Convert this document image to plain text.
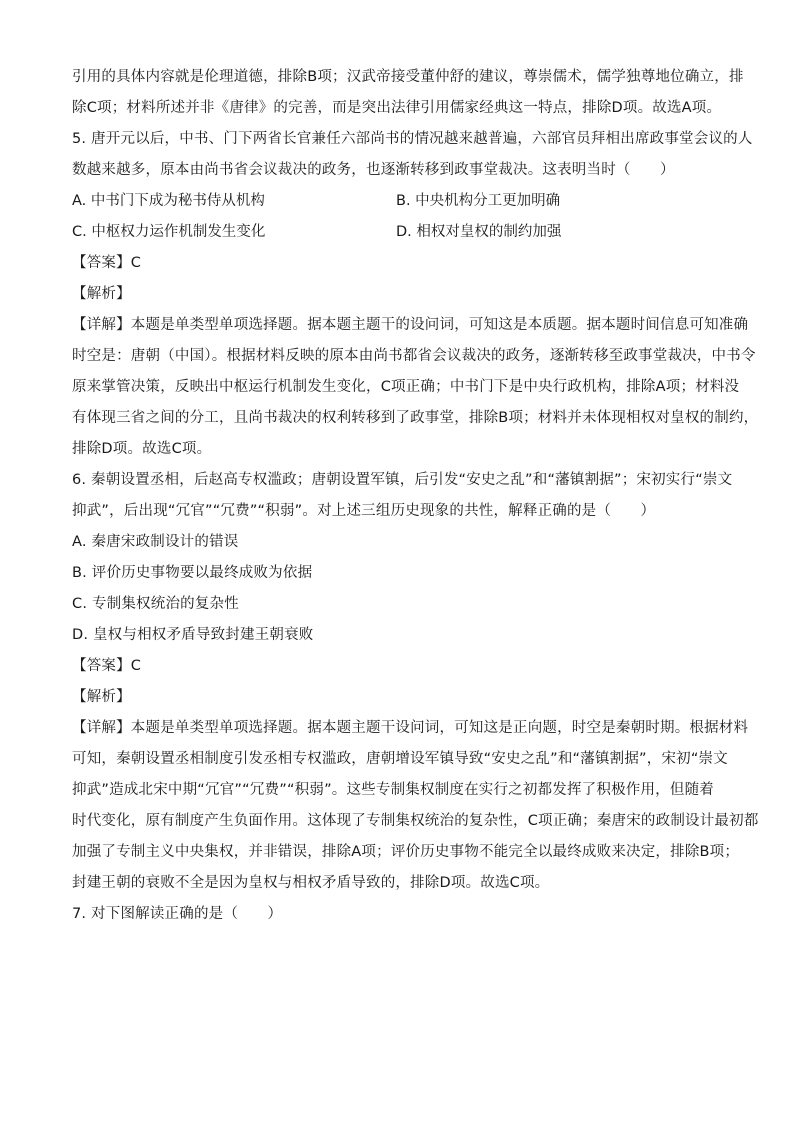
引用的具体内容就是伦理道德，排除B项；汉武帝接受董仲舒的建议，尊崇儒术，儒学独尊地位确立，排
除C项；材料所述并非《唐律》的完善，而是突出法律引用儒家经典这一特点，排除D项。故选A项。
5. 唐开元以后，中书、门下两省长官兼任六部尚书的情况越来越普遍，六部官员拜相出席政事堂会议的人
数越来越多，原本由尚书省会议裁决的政务，也逐渐转移到政事堂裁决。这表明当时（　　）
A. 中书门下成为秘书侍从机构	B. 中央机构分工更加明确
C. 中枢权力运作机制发生变化	D. 相权对皇权的制约加强
【答案】C
【解析】
【详解】本题是单类型单项选择题。据本题主题干的设问词，可知这是本质题。据本题时间信息可知准确
时空是：唐朝（中国）。根据材料反映的原本由尚书都省会议裁决的政务，逐渐转移至政事堂裁决，中书令
原来掌管决策，反映出中枢运行机制发生变化，C项正确；中书门下是中央行政机构，排除A项；材料没
有体现三省之间的分工，且尚书裁决的权利转移到了政事堂，排除B项；材料并未体现相权对皇权的制约，
排除D项。故选C项。
6. 秦朝设置丞相，后赵高专权滥政；唐朝设置军镇，后引发“安史之乱”和“藩镇割据”；宋初实行“崇文
抑武”，后出现“冗官”“冗费”“积弱”。对上述三组历史现象的共性，解释正确的是（　　）
A. 秦唐宋政制设计的错误
B. 评价历史事物要以最终成败为依据
C. 专制集权统治的复杂性
D. 皇权与相权矛盾导致封建王朝衰败
【答案】C
【解析】
【详解】本题是单类型单项选择题。据本题主题干设问词，可知这是正向题，时空是秦朝时期。根据材料
可知，秦朝设置丞相制度引发丞相专权滥政，唐朝增设军镇导致“安史之乱”和“藩镇割据”，宋初“崇文
抑武”造成北宋中期“冗官”“冗费”“积弱”。这些专制集权制度在实行之初都发挥了积极作用，但随着
时代变化，原有制度产生负面作用。这体现了专制集权统治的复杂性，C项正确；秦唐宋的政制设计最初都
加强了专制主义中央集权，并非错误，排除A项；评价历史事物不能完全以最终成败来决定，排除B项；
封建王朝的衰败不全是因为皇权与相权矛盾导致的，排除D项。故选C项。
7. 对下图解读正确的是（　　）
